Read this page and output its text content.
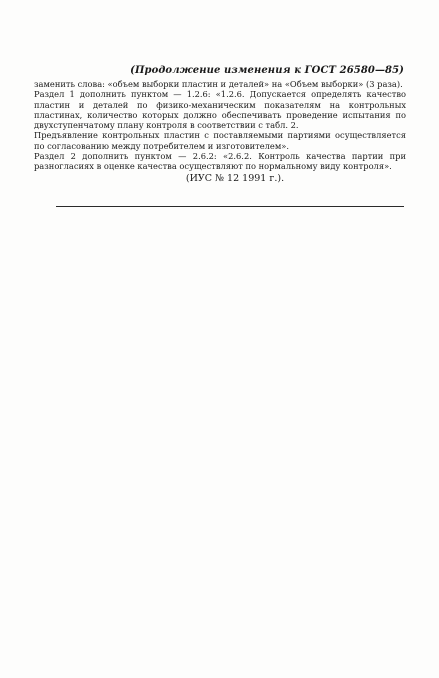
(Продолжение изменения к ГОСТ 26580—85)

заменить слова: «объем выборки пластин и деталей» на «Объем выборки» (3 раза).

Раздел 1 дополнить пунктом — 1.2.6: «1.2.6. Допускается определять качество пластин и деталей по физико-механическим показателям на контрольных пластинах, количество которых должно обеспечивать проведение испытания по двухступенчатому плану контроля в соответствии с табл. 2.

Предъявление контрольных пластин с поставляемыми партиями осуществляется по согласованию между потребителем и изготовителем».

Раздел 2 дополнить пунктом — 2.6.2: «2.6.2. Контроль качества партии при разногласиях в оценке качества осуществляют по нормальному виду контроля».

(ИУС № 12 1991 г.).
